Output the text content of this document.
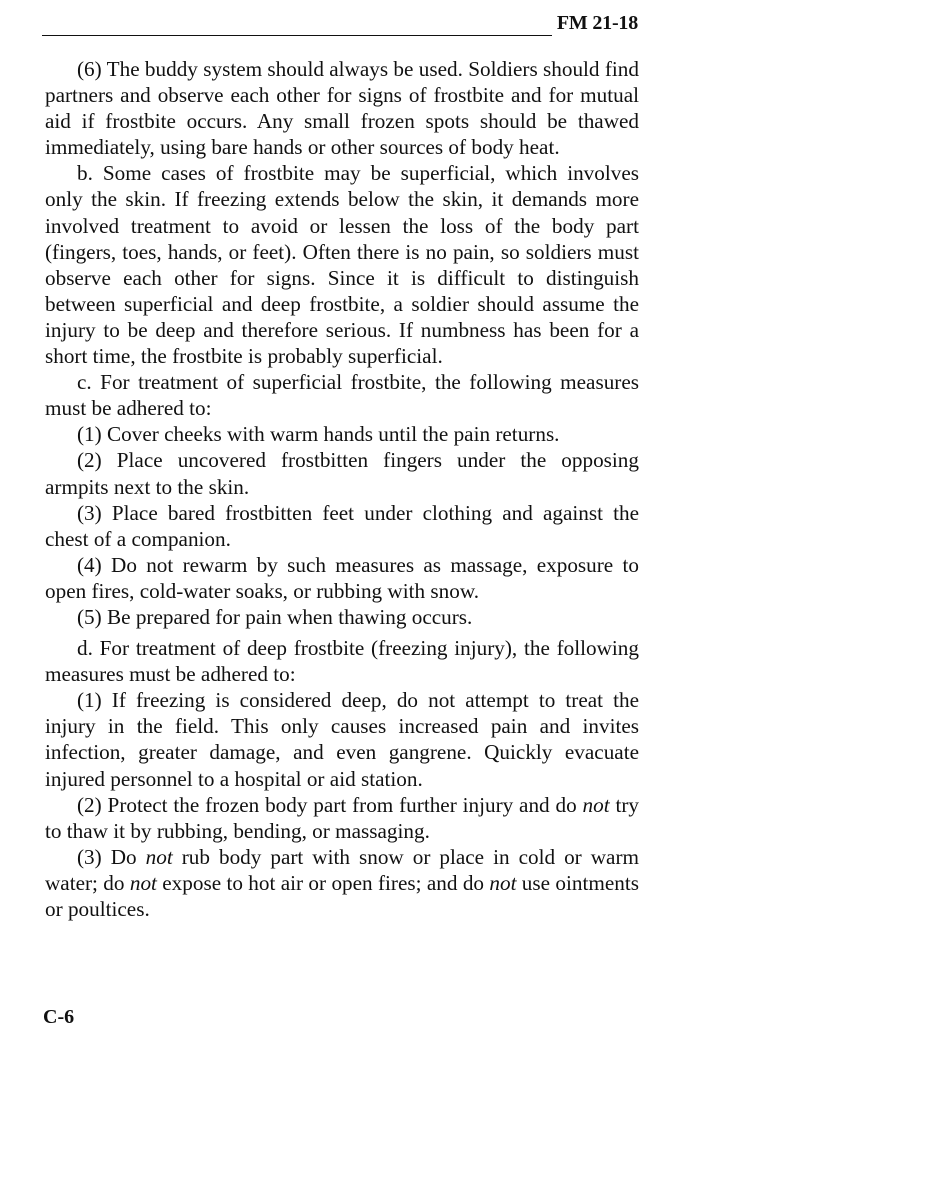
FM 21-18

(6) The buddy system should always be used. Soldiers should find partners and observe each other for signs of frostbite and for mutual aid if frostbite occurs. Any small frozen spots should be thawed immediately, using bare hands or other sources of body heat.

b. Some cases of frostbite may be superficial, which involves only the skin. If freezing extends below the skin, it demands more involved treatment to avoid or lessen the loss of the body part (fingers, toes, hands, or feet). Often there is no pain, so soldiers must observe each other for signs. Since it is difficult to distinguish between superficial and deep frostbite, a soldier should assume the injury to be deep and therefore serious. If numbness has been for a short time, the frostbite is probably superficial.

c. For treatment of superficial frostbite, the following measures must be adhered to:

(1) Cover cheeks with warm hands until the pain returns.

(2) Place uncovered frostbitten fingers under the opposing armpits next to the skin.

(3) Place bared frostbitten feet under clothing and against the chest of a companion.

(4) Do not rewarm by such measures as massage, exposure to open fires, cold-water soaks, or rubbing with snow.

(5) Be prepared for pain when thawing occurs.

d. For treatment of deep frostbite (freezing injury), the following measures must be adhered to:

(1) If freezing is considered deep, do not attempt to treat the injury in the field. This only causes increased pain and invites infection, greater damage, and even gangrene. Quickly evacuate injured personnel to a hospital or aid station.

(2) Protect the frozen body part from further injury and do not try to thaw it by rubbing, bending, or massaging.

(3) Do not rub body part with snow or place in cold or warm water; do not expose to hot air or open fires; and do not use ointments or poultices.

C-6
